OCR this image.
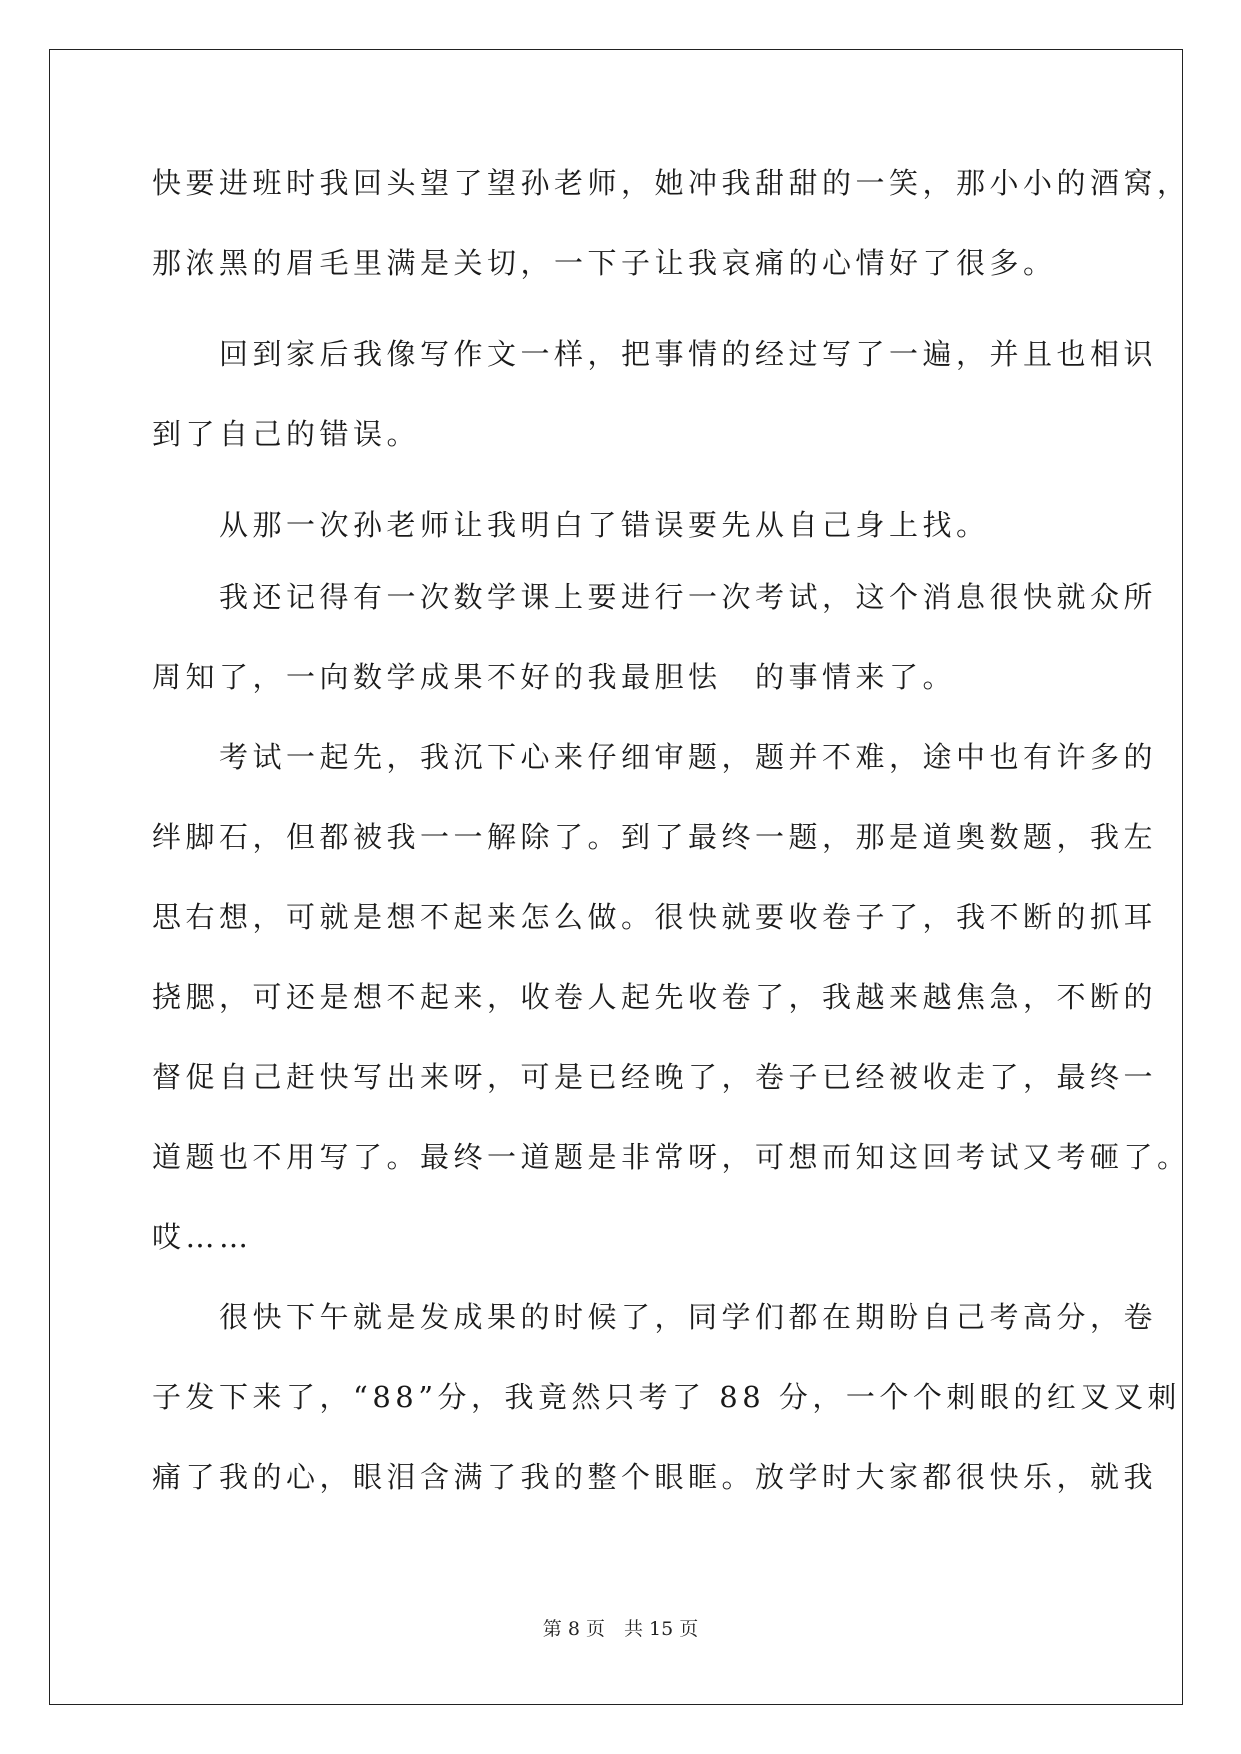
快要进班时我回头望了望孙老师，她冲我甜甜的一笑，那小小的酒窝，
那浓黑的眉毛里满是关切，一下子让我哀痛的心情好了很多。
　　回到家后我像写作文一样，把事情的经过写了一遍，并且也相识
到了自己的错误。
　　从那一次孙老师让我明白了错误要先从自己身上找。
　　我还记得有一次数学课上要进行一次考试，这个消息很快就众所
周知了，一向数学成果不好的我最胆怯　的事情来了。
　　考试一起先，我沉下心来仔细审题，题并不难，途中也有许多的
绊脚石，但都被我一一解除了。到了最终一题，那是道奥数题，我左
思右想，可就是想不起来怎么做。很快就要收卷子了，我不断的抓耳
挠腮，可还是想不起来，收卷人起先收卷了，我越来越焦急，不断的
督促自己赶快写出来呀，可是已经晚了，卷子已经被收走了，最终一
道题也不用写了。最终一道题是非常呀，可想而知这回考试又考砸了。
哎……
　　很快下午就是发成果的时候了，同学们都在期盼自己考高分，卷
子发下来了，“88”分，我竟然只考了 88 分，一个个刺眼的红叉叉刺
痛了我的心，眼泪含满了我的整个眼眶。放学时大家都很快乐，就我
第 8 页　共 15 页
